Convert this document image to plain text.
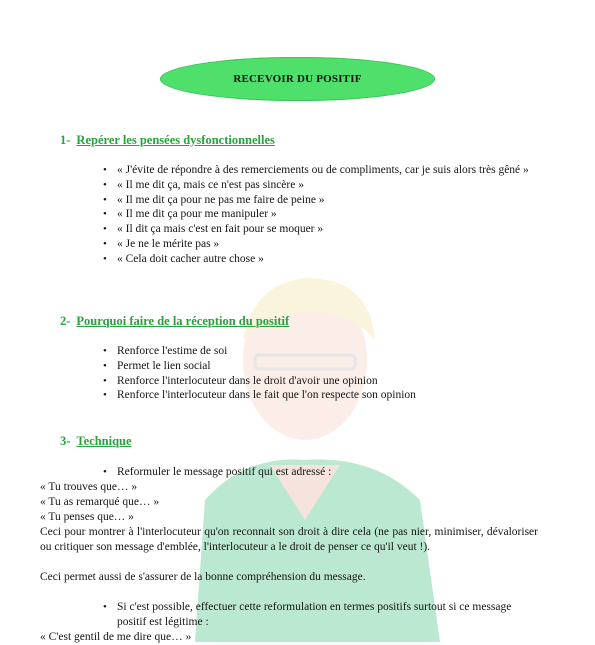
RECEVOIR DU POSITIF
1- Repérer les pensées dysfonctionnelles
• « J'évite de répondre à des remerciements ou de compliments, car je suis alors très gêné »
• « Il me dit ça, mais ce n'est pas sincère »
• « Il me dit ça pour ne pas me faire de peine »
• « Il me dit ça pour me manipuler »
• « Il dit ça mais c'est en fait pour se moquer »
• « Je ne le mérite pas »
• « Cela doit cacher autre chose »
2- Pourquoi faire de la réception du positif
• Renforce l'estime de soi
• Permet le lien social
• Renforce l'interlocuteur dans le droit d'avoir une opinion
• Renforce l'interlocuteur dans le fait que l'on respecte son opinion
3- Technique
• Reformuler le message positif qui est adressé :
« Tu trouves que… »
« Tu as remarqué que… »
« Tu penses que… »
Ceci pour montrer à l'interlocuteur qu'on reconnait son droit à dire cela (ne pas nier, minimiser, dévaloriser ou critiquer son message d'emblée, l'interlocuteur a le droit de penser ce qu'il veut !).
Ceci permet aussi de s'assurer de la bonne compréhension du message.
• Si c'est possible, effectuer cette reformulation en termes positifs surtout si ce message positif est légitime :
« C'est gentil de me dire que… »
